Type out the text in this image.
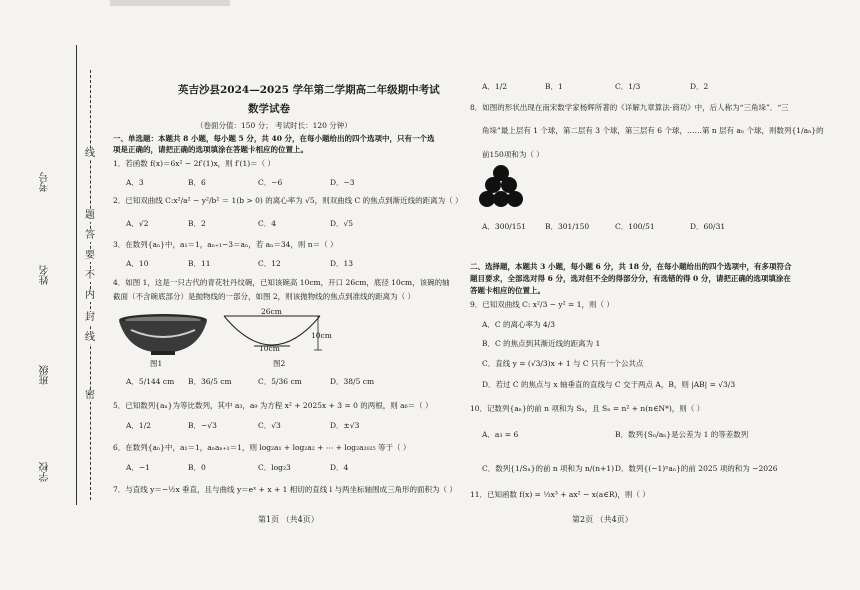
考号
姓名
班级
学校
线
题
答
要
不
内
封
线
密
英吉沙县2024—2025 学年第二学期高二年级期中考试
数学试卷
（卷面分值：150 分； 考试时长：120 分钟）
一、单选题：本题共 8 小题，每小题 5 分，共 40 分，在每小题给出的四个选项中，只有一个选
项是正确的，请把正确的选项填涂在答题卡相应的位置上。
1．若函数 f(x)＝6x² − 2f′(1)x，则 f′(1)＝（ ）
A．3	B．6	C．−6	D．−3
2．已知双曲线 C:x²/a² − y²/b² ＝ 1(b > 0) 的离心率为 √5，则双曲线 C 的焦点到渐近线的距离为（ ）
A．√2	B．2	C．4	D．√5
3．在数列{aₙ}中，a₁＝1，aₙ₊₁−3＝aₙ，若 aₙ＝34，则 n＝（ ）
A．10	B．11	C．12	D．13
4．如图 1，这是一只古代的青花牡丹纹碗，已知该碗高 10cm，开口 26cm，底径 10cm，该碗的轴
截面（不含碗底部分）是抛物线的一部分，如图 2，则该抛物线的焦点到准线的距离为（ ）
图1
26cm
10cm
10cm
图2
A．5/144 cm B．36/5 cm	C．5/36 cm	D．38/5 cm
5．已知数列{aₙ}为等比数列，其中 a₃，a₉ 为方程 x² + 2025x + 3 = 0 的两根，则 a₆＝（ ）
A．1/2	B．−√3	C．√3	D．±√3
6．在数列{aₙ}中，a₁＝1，aₙaₙ₊₁＝1，则 log₂a₁ + log₂a₂ + ⋯ + log₂a₂₀₂₅ 等于（ ）
A．−1	B．0	C．log₂3	D．4
7．与直线 y＝−½x 垂直，且与曲线 y＝eˣ + x + 1 相切的直线 l 与两坐标轴围成三角形的面积为（ ）
第1页 （共4页）
A．1/2	B．1	C．1/3	D．2
8．如图的形状出现在南宋数学家杨辉所著的《详解九章算法·商功》中，后人称为“三角垛”．“三
角垛”最上层有 1 个球，第二层有 3 个球，第三层有 6 个球，……第 n 层有 aₙ 个球，则数列{1/aₙ}的
前150项和为（ ）
A．300/151	B．301/150	C．100/51	D．60/31
二、选择题，本题共 3 小题，每小题 6 分，共 18 分，在每小题给出的四个选项中，有多项符合
题目要求，全部选对得 6 分，选对但不全的得部分分，有选错的得 0 分，请把正确的选项填涂在
答题卡相应的位置上。
9．已知双曲线 C: x²/3 − y² = 1，则（ ）
A．C 的离心率为 4/3
B．C 的焦点到其渐近线的距离为 1
C．直线 y = (√3/3)x + 1 与 C 只有一个公共点
D．若过 C 的焦点与 x 轴垂直的直线与 C 交于两点 A，B，则 |AB| = √3/3
10．记数列{aₙ}的前 n 项和为 Sₙ，且 Sₙ = n² + n(n∈N*)，则（ ）
A．a₃ = 6	B．数列{Sₙ/aₙ}是公差为 1 的等差数列
C．数列{1/Sₙ}的前 n 项和为 n/(n+1) D．数列{(−1)ⁿaₙ}的前 2025 项的和为 −2026
11．已知函数 f(x) = ⅓x³ + ax² − x(a∈R)，则（ ）
第2页 （共4页）
